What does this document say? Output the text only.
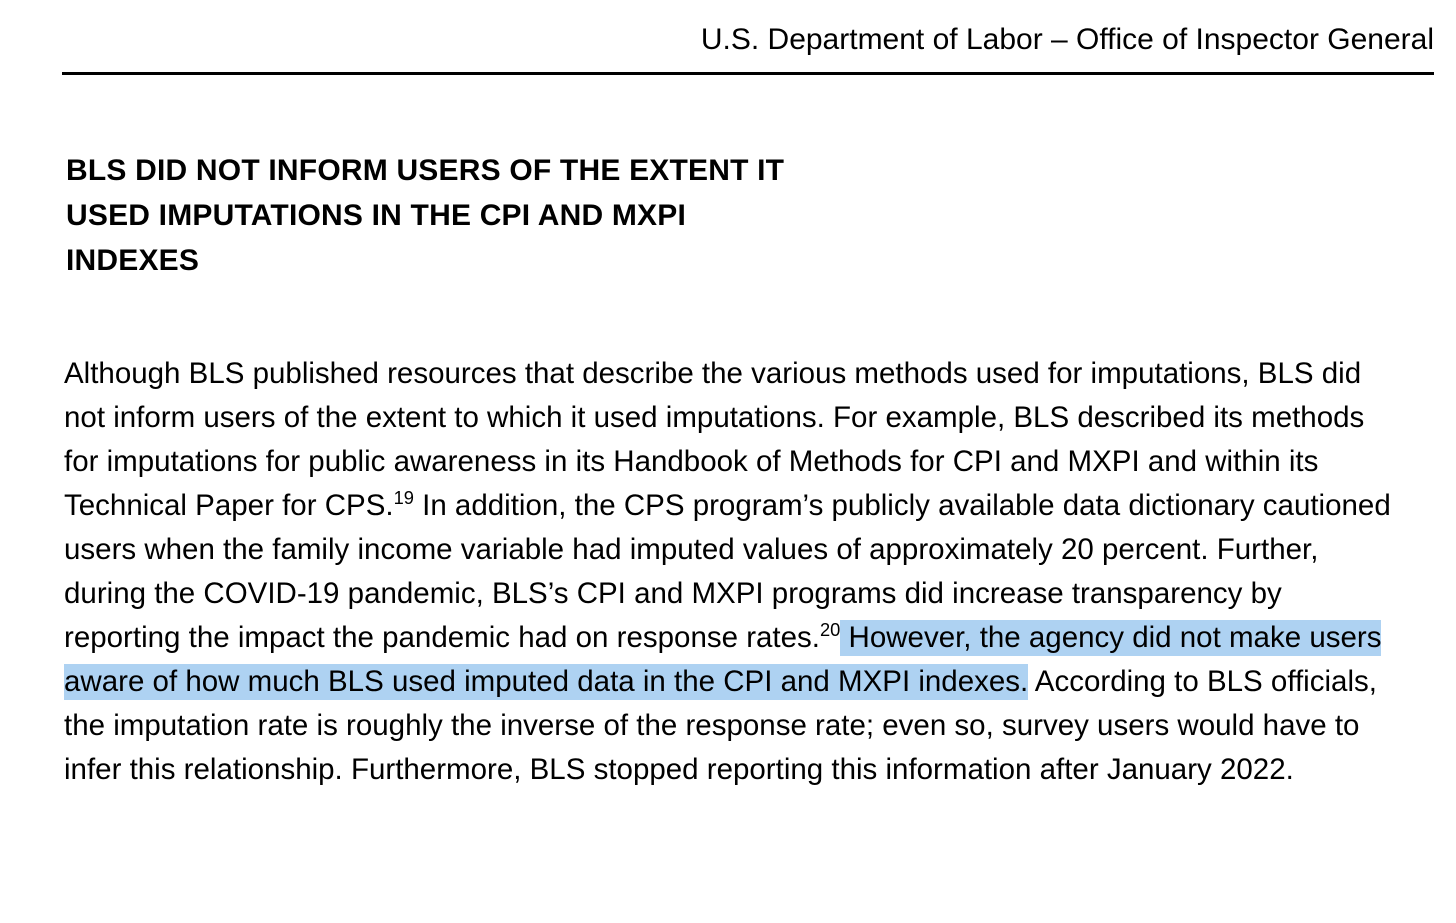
U.S. Department of Labor – Office of Inspector General
BLS DID NOT INFORM USERS OF THE EXTENT IT
USED IMPUTATIONS IN THE CPI AND MXPI
INDEXES

Although BLS published resources that describe the various methods used for imputations, BLS did not inform users of the extent to which it used imputations. For example, BLS described its methods for imputations for public awareness in its Handbook of Methods for CPI and MXPI and within its Technical Paper for CPS.$^{19}$ In addition, the CPS program’s publicly available data dictionary cautioned users when the family income variable had imputed values of approximately 20 percent. Further, during the COVID-19 pandemic, BLS’s CPI and MXPI programs did increase transparency by reporting the impact the pandemic had on response rates.$^{20}$ However, the agency did not make users aware of how much BLS used imputed data in the CPI and MXPI indexes. According to BLS officials, the imputation rate is roughly the inverse of the response rate; even so, survey users would have to infer this relationship. Furthermore, BLS stopped reporting this information after January 2022.
